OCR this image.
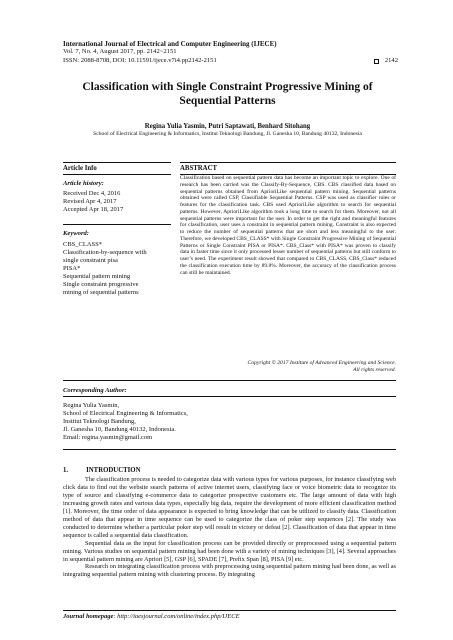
International Journal of Electrical and Computer Engineering (IJECE)
Vol. 7, No. 4, August 2017, pp. 2142~2151
ISSN: 2088-8708, DOI: 10.11591/ijece.v7i4.pp2142-2151	2142
Classification with Single Constraint Progressive Mining of
Sequential Patterns
Regina Yulia Yasmin, Putri Saptawati, Benhard Sitohang
School of Electrical Engineering & Informatics, Institut Teknologi Bandung, Jl. Ganesha 10, Bandung 40132, Indonesia
Article Info	ABSTRACT
Article history:
Received Dec 4, 2016
Revised Apr 4, 2017
Accepted Apr 18, 2017
Keyword:
CBS_CLASS*
Classification-by-sequence with
single constraint pisa
PISA*
Sequential pattern mining
Single constraint progressive
mining of sequential patterns
Classification based on sequential pattern data has become an important topic to explore. One of research has been carried was the Classify-By-Sequence, CBS. CBS classified data based on sequential patterns obtained from AprioriLike sequential pattern mining. Sequential patterns obtained were called CSP, Classifiable Sequential Patterns. CSP was used as classifier rules or features for the classification task. CBS used AprioriLike algorithm to search for sequential patterns. However, AprioriLike algorithm took a long time to search for them. Moreover, not all sequential patterns were important for the user. In order to get the right and meaningful features for classification, user uses a constraint in sequential pattern mining. Constraint is also expected to reduce the number of sequential patterns that are short and less meaningful to the user. Therefore, we developed CBS_CLASS* with Single Constraint Progressive Mining of Sequential Patterns or Single Constraint PISA or PISA*. CBS_Class* with PISA* was proven to classify data in faster time since it only processed lesser number of sequential patterns but still conform to user’s need. The experiment result showed that compared to CBS_CLASS, CBS_Class* reduced the classification execution time by 89.8%. Moreover, the accuracy of the classification process can still be maintained.
Copyright © 2017 Institute of Advanced Engineering and Science.
All rights reserved.
Corresponding Author:
Regina Yulia Yasmin,
School of Electrical Engineering & Informatics,
Institut Teknologi Bandung,
Jl. Ganesha 10, Bandung 40132, Indonesia.
Email: regina.yasmin@gmail.com
1.	INTRODUCTION

The classification process is needed to categorize data with various types for various purposes, for instance classifying web click data to find out the website search patterns of active internet users, classifying face or voice biometric data to recognize its type of source and classifying e-commerce data to categorize prospective customers etc. The large amount of data with high increasing growth rates and various data types, especially big data, require the development of more efficient classification method [1]. Moreover, the time order of data appearance is expected to bring knowledge that can be utilized to classify data. Classification method of data that appear in time sequence can be used to categorize the class of poker step sequences [2]. The study was conducted to determine whether a particular poker step will result in victory or defeat [2]. Classification of data that appear in time sequence is called a sequential data classification.

Sequential data as the input for classification process can be provided directly or preprocessed using a sequential pattern mining. Various studies on sequential pattern mining had been done with a variety of mining techniques [3], [4]. Several approaches in sequential pattern mining are Apriori [5], GSP [6], SPADE [7], Prefix Span [8], PISA [9] etc.

Research on integrating classification process with preprocessing using sequential pattern mining had been done, as well as integrating sequential pattern mining with clustering process. By integrating

Journal homepage: http://iaesjournal.com/online/index.php/IJECE
